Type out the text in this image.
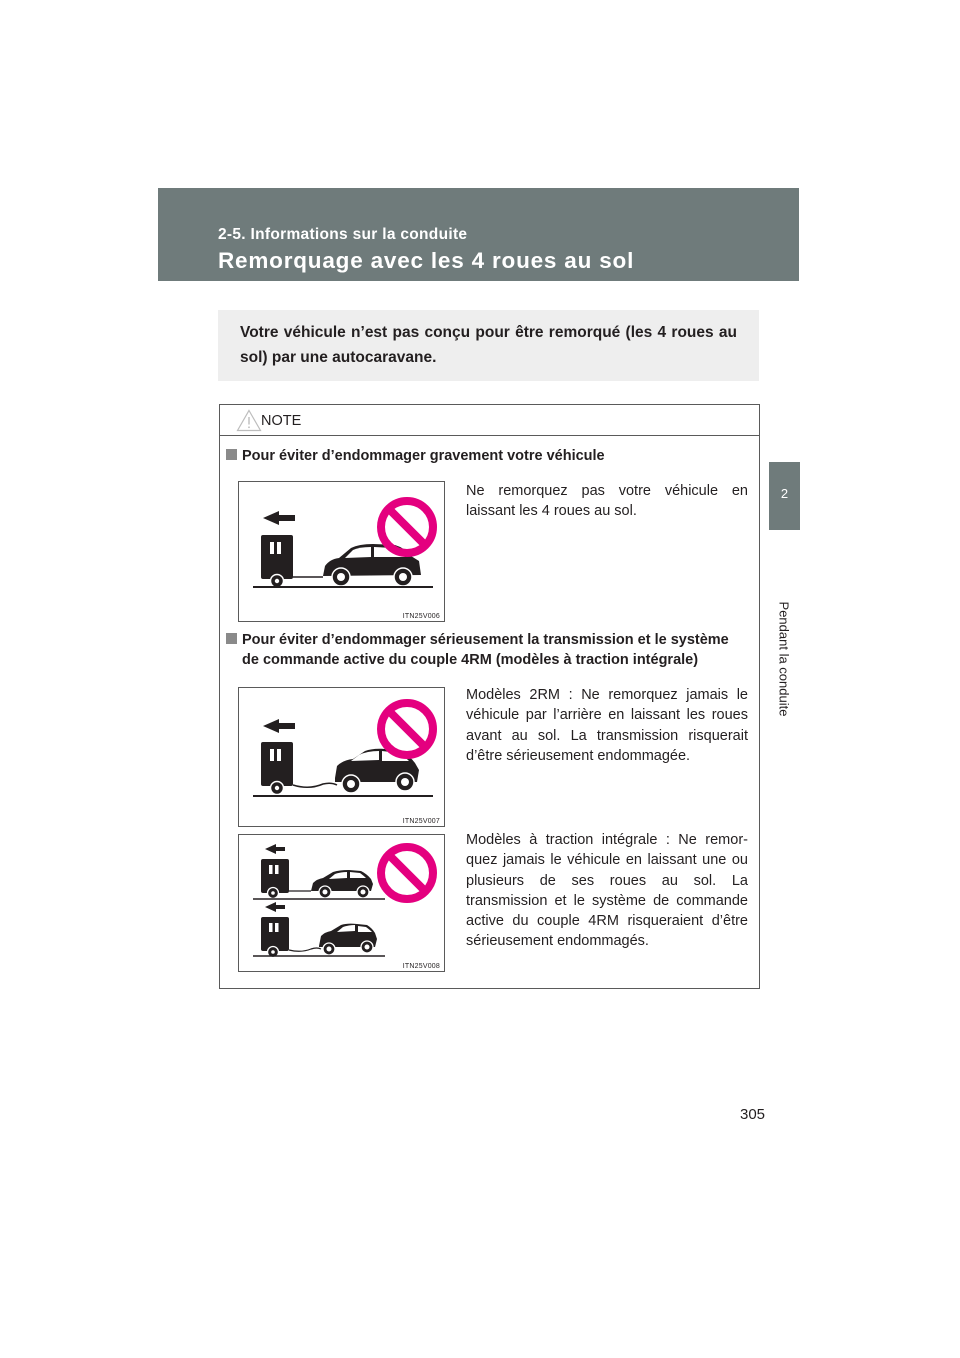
2-5. Informations sur la conduite
Remorquage avec les 4 roues au sol
2
Pendant la conduite

Votre véhicule n’est pas conçu pour être remorqué (les 4 roues au sol) par une autocaravane.

NOTE
Pour éviter d’endommager gravement votre véhicule
ITN25V006

Ne remorquez pas votre véhicule en laissant les 4 roues au sol.

Pour éviter d’endommager sérieusement la transmission et le système
de commande active du couple 4RM (modèles à traction intégrale)
ITN25V007

Modèles 2RM : Ne remorquez jamais le véhicule par l’arrière en laissant les roues avant au sol. La transmission risquerait d’être sérieusement endommagée.

ITN25V008

Modèles à traction intégrale : Ne remor-quez jamais le véhicule en laissant une ou plusieurs de ses roues au sol. La transmission et le système de commande active du couple 4RM risqueraient d’être sérieusement endommagés.

305
